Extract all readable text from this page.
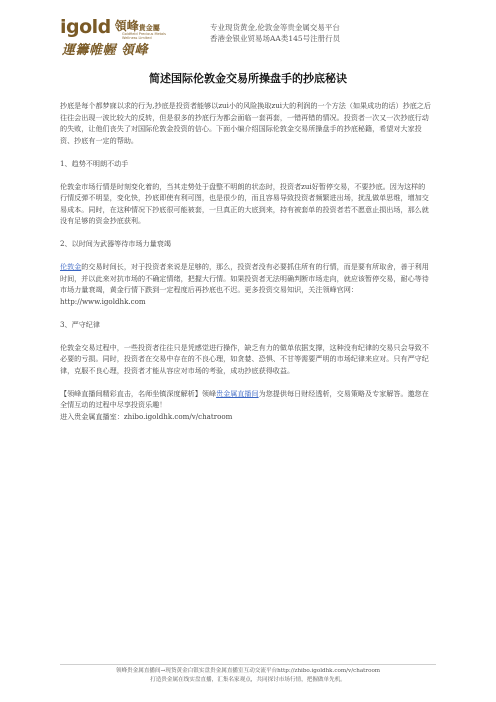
igold 領峰貴金屬
Goldfield Precious Metals
Wellness Limited
運籌帷幄 領峰
专业现货黄金,伦敦金等贵金属交易平台
香港金银业贸易场AA类145号注册行员
简述国际伦敦金交易所操盘手的抄底秘诀

抄底是每个都梦寐以求的行为,抄底是投资者能够以zui小的风险换取zui大的利润的一个方法（如果成功的话）抄底之后往往会出现一波比较大的反转，但是很多的抄底行为都会面临一套再套，一错再错的情况。投资者一次又一次抄底行动的失败，让他们丧失了对国际伦敦金投资的信心。下面小编介绍国际伦敦金交易所操盘手的抄底秘籍，希望对大家投资、抄底有一定的帮助。

1、趋势不明朗不动手

伦敦金市场行情是时刻变化着的，当其走势处于盘整不明朗的状态时，投资者zui好暂停交易，不要抄底。因为这样的行情反弹不明显，变化快，抄底即使有利可图，也是很少的，而且容易导致投资者频繁进出场，扰乱做单思维，增加交易成本。同时，在这种情况下抄底很可能被套，一旦真正的大底到来，持有被套单的投资者若不愿意止损出场，那么就没有足够的资金抄底获利。

2、以时间为武器等待市场力量衰竭

伦敦金的交易时间长，对于投资者来说是足够的，那么，投资者没有必要抓住所有的行情，而是要有所取舍，善于利用时间，并以此来对抗市场的不确定情绪，把握大行情。如果投资者无法明确判断市场走向，就应该暂停交易，耐心等待市场力量衰竭，黄金行情下跌到一定程度后再抄底也不迟。更多投资交易知识，关注领峰官网：http://www.igoldhk.com

3、严守纪律

伦敦金交易过程中，一些投资者往往只是凭感觉进行操作，缺乏有力的做单依据支撑，这种没有纪律的交易只会导致不必要的亏损。同时，投资者在交易中存在的不良心理，如贪婪、恐惧、不甘等需要严明的市场纪律来应对。只有严守纪律，克服不良心理，投资者才能从容应对市场的考验，成功抄底获得收益。

【领峰直播间精彩直击，名师坐镇深度解析】领峰贵金属直播间为您提供每日财经透析，交易策略及专家解答。邀您在全情互动的过程中尽享投资乐趣！

进入贵金属直播室：zhibo.igoldhk.com/v/chatroom

领峰贵金属直播间→现货黄金白银实盘贵金属直播室互动交流平台http://zhibo.igoldhk.com/v/chatroom
打造贵金属在线实盘直播，汇集名家观点，共同探讨市场行情，把握做单先机。
